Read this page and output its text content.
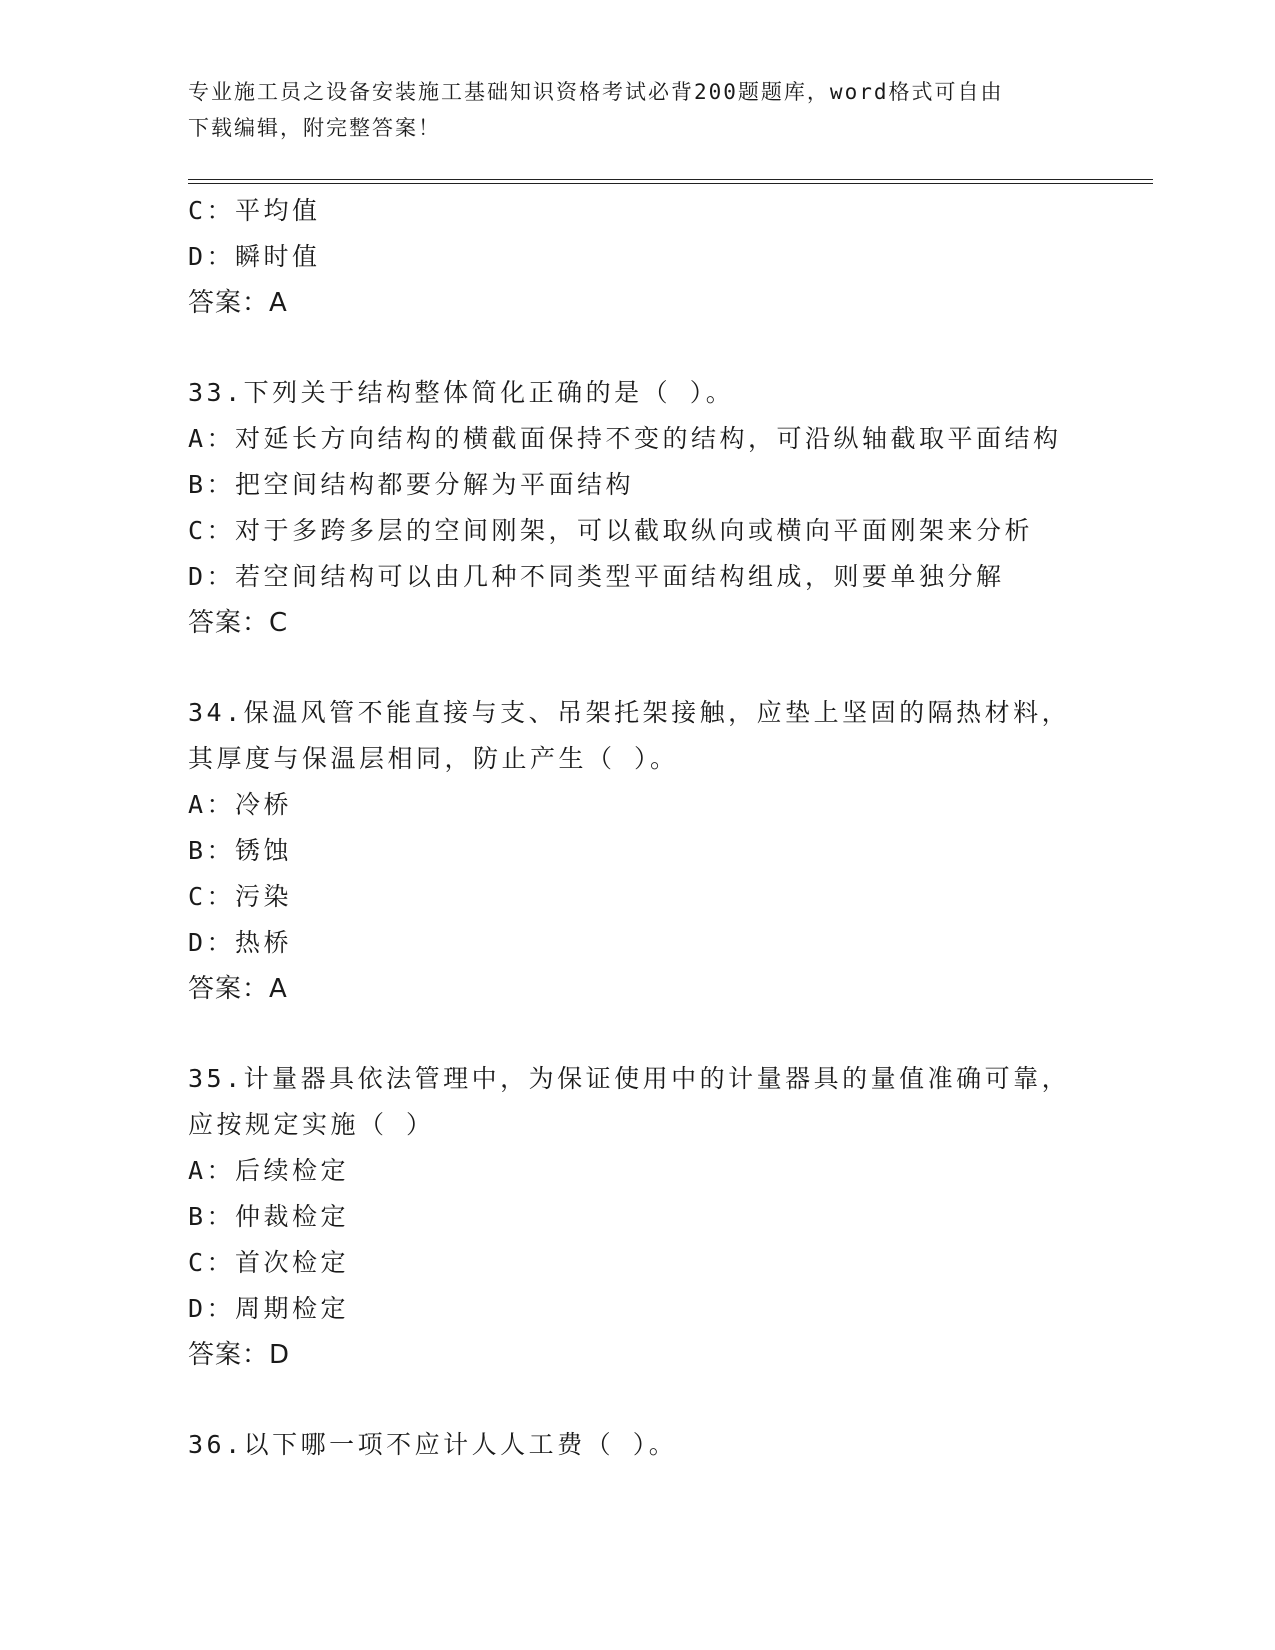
专业施工员之设备安装施工基础知识资格考试必背200题题库，word格式可自由
下载编辑，附完整答案！
C：平均值
D：瞬时值
答案：A
33.下列关于结构整体简化正确的是（ ）。
A：对延长方向结构的横截面保持不变的结构，可沿纵轴截取平面结构
B：把空间结构都要分解为平面结构
C：对于多跨多层的空间刚架，可以截取纵向或横向平面刚架来分析
D：若空间结构可以由几种不同类型平面结构组成，则要单独分解
答案：C
34.保温风管不能直接与支、吊架托架接触，应垫上坚固的隔热材料，
其厚度与保温层相同，防止产生（ ）。
A：冷桥
B：锈蚀
C：污染
D：热桥
答案：A
35.计量器具依法管理中，为保证使用中的计量器具的量值准确可靠，
应按规定实施（ ）
A：后续检定
B：仲裁检定
C：首次检定
D：周期检定
答案：D
36.以下哪一项不应计人人工费（ ）。
